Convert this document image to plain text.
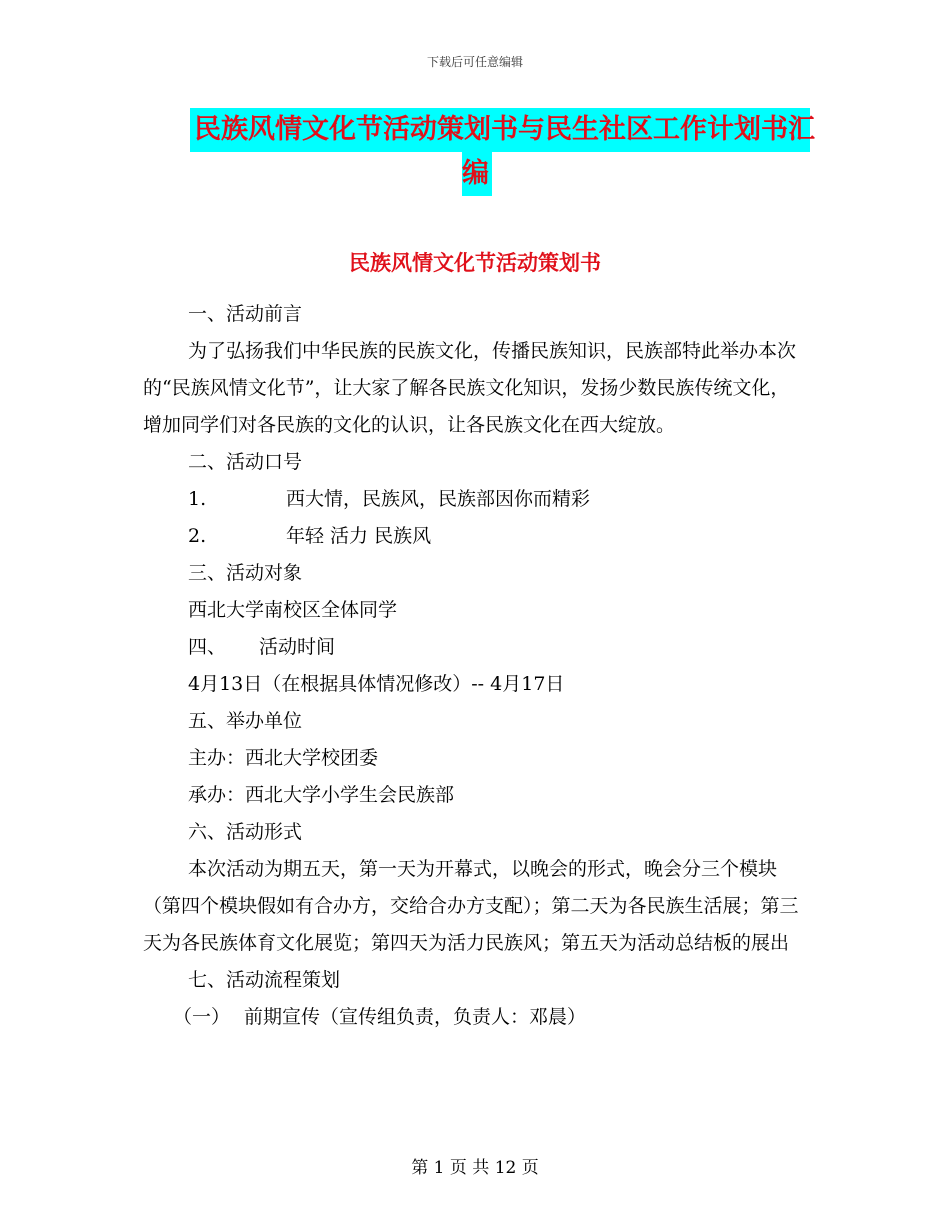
下载后可任意编辑
民族风情文化节活动策划书与民生社区工作计划书汇
编
民族风情文化节活动策划书

一、活动前言

为了弘扬我们中华民族的民族文化，传播民族知识，民族部特此举办本次的“民族风情文化节”，让大家了解各民族文化知识，发扬少数民族传统文化，增加同学们对各民族的文化的认识，让各民族文化在西大绽放。

二、活动口号

1.	西大情，民族风，民族部因你而精彩

2.	年轻 活力 民族风

三、活动对象

西北大学南校区全体同学

四、 活动时间

4月13日（在根据具体情况修改）-- 4月17日

五、举办单位

主办：西北大学校团委

承办：西北大学小学生会民族部

六、活动形式

本次活动为期五天，第一天为开幕式，以晚会的形式，晚会分三个模块（第四个模块假如有合办方，交给合办方支配）；第二天为各民族生活展；第三天为各民族体育文化展览；第四天为活力民族风；第五天为活动总结板的展出

七、活动流程策划

（一） 前期宣传（宣传组负责，负责人：邓晨）

第 1 页 共 12 页
